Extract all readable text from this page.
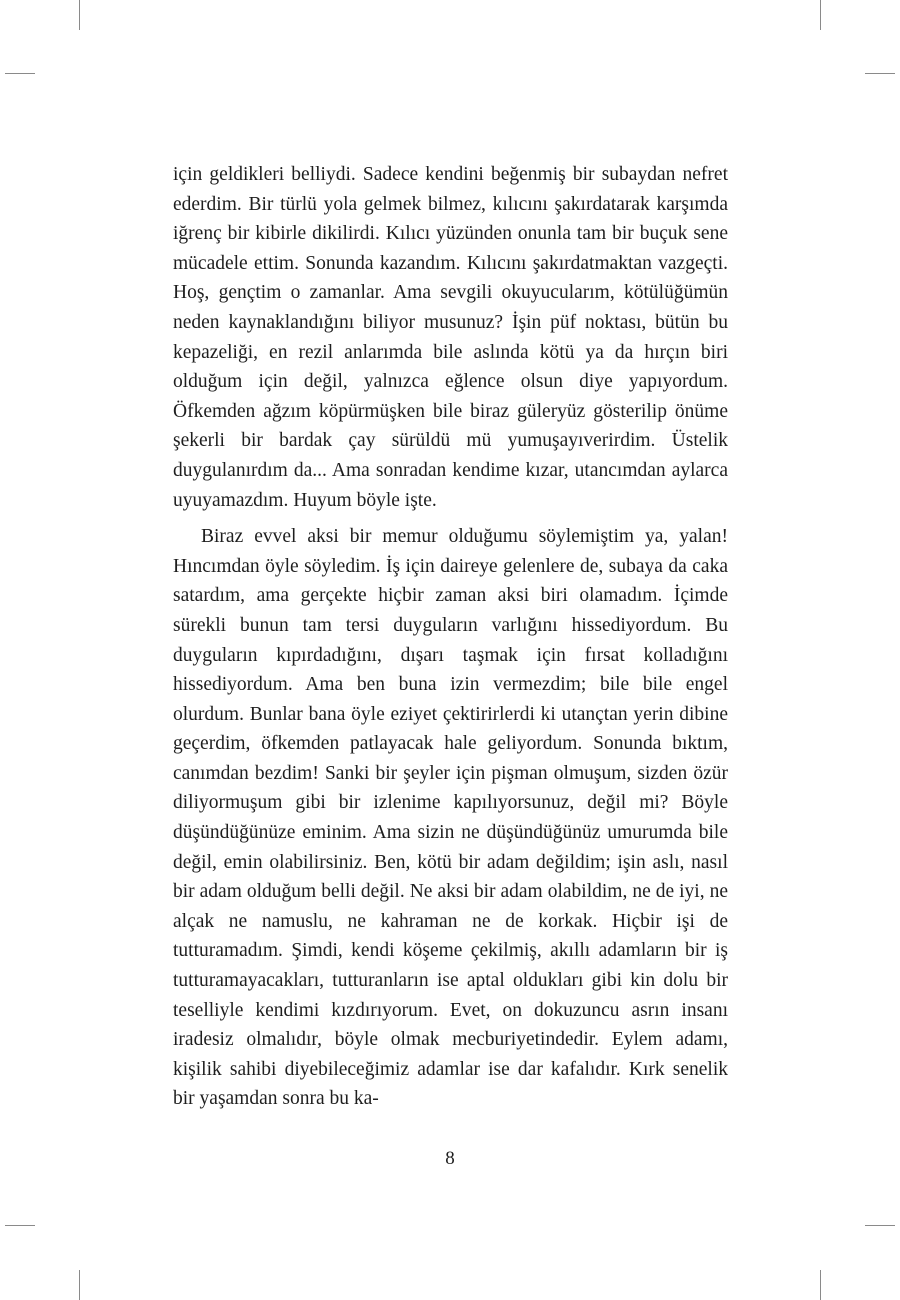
için geldikleri belliydi. Sadece kendini beğenmiş bir subaydan nefret ederdim. Bir türlü yola gelmek bilmez, kılıcını şakırdatarak karşımda iğrenç bir kibirle dikilirdi. Kılıcı yüzünden onunla tam bir buçuk sene mücadele ettim. Sonunda kazandım. Kılıcını şakırdatmaktan vazgeçti. Hoş, gençtim o zamanlar. Ama sevgili okuyucularım, kötülüğümün neden kaynaklandığını biliyor musunuz? İşin püf noktası, bütün bu kepazeliği, en rezil anlarımda bile aslında kötü ya da hırçın biri olduğum için değil, yalnızca eğlence olsun diye yapıyordum. Öfkemden ağzım köpürmüşken bile biraz güleryüz gösterilip önüme şekerli bir bardak çay sürüldü mü yumuşayıverirdim. Üstelik duygulanırdım da... Ama sonradan kendime kızar, utancımdan aylarca uyuyamazdım. Huyum böyle işte.

Biraz evvel aksi bir memur olduğumu söylemiştim ya, yalan! Hıncımdan öyle söyledim. İş için daireye gelenlere de, subaya da caka satardım, ama gerçekte hiçbir zaman aksi biri olamadım. İçimde sürekli bunun tam tersi duyguların varlığını hissediyordum. Bu duyguların kıpırdadığını, dışarı taşmak için fırsat kolladığını hissediyordum. Ama ben buna izin vermezdim; bile bile engel olurdum. Bunlar bana öyle eziyet çektirirlerdi ki utançtan yerin dibine geçerdim, öfkemden patlayacak hale geliyordum. Sonunda bıktım, canımdan bezdim! Sanki bir şeyler için pişman olmuşum, sizden özür diliyormuşum gibi bir izlenime kapılıyorsunuz, değil mi? Böyle düşündüğünüze eminim. Ama sizin ne düşündüğünüz umurumda bile değil, emin olabilirsiniz. Ben, kötü bir adam değildim; işin aslı, nasıl bir adam olduğum belli değil. Ne aksi bir adam olabildim, ne de iyi, ne alçak ne namuslu, ne kahraman ne de korkak. Hiçbir işi de tutturamadım. Şimdi, kendi köşeme çekilmiş, akıllı adamların bir iş tutturamayacakları, tutturanların ise aptal oldukları gibi kin dolu bir teselliyle kendimi kızdırıyorum. Evet, on dokuzuncu asrın insanı iradesiz olmalıdır, böyle olmak mecburiyetindedir. Eylem adamı, kişilik sahibi diyebileceğimiz adamlar ise dar kafalıdır. Kırk senelik bir yaşamdan sonra bu ka-

8
